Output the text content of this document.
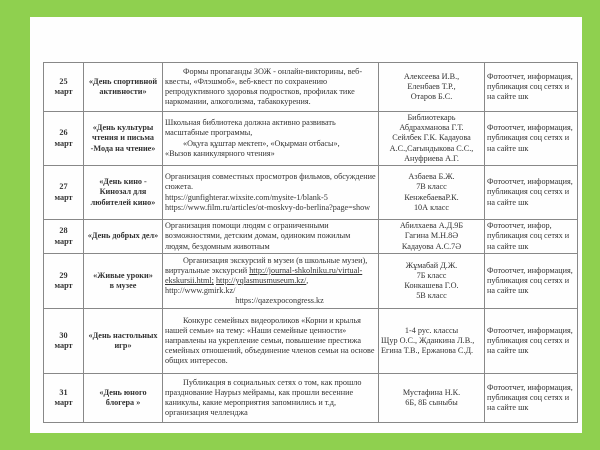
25
март	«День спортивной активности»	Формы пропаганды ЗОЖ - онлайн-викторины, веб-квесты, «Флэшмоб», веб-квест по сохранению репродуктивного здоровья подростков, профилак тике наркомании, алкоголизма, табакокурения.	Алексеева И.В.,
Еленбаев Т.Р.,
Отаров Б.С.	Фотоотчет, информация, публикация соц сетях и на сайте шк

26
март	«День культуры чтения и письма -Мода на чтение»	Школьная библиотека должна активно развивать масштабные программы,
«Оқуға құштар мектеп», «Оқырман отбасы»,
«Вызов каникулярного чтения»	Библиотекарь
Абдрахманова Г.Т.
Сейлбек Г.К. Кадауова
А.С.,Сағындыкова С.С.,
Ануфриева А.Г.	Фотоотчет, информация, публикация соц сетях и на сайте шк

27
март	«День кино - Кинозал для любителей кино»	Организация совместных просмотров фильмов, обсуждение сюжета.
https://gunfighterar.wixsite.com/mysite-1/blank-5
https://www.film.ru/articles/ot-moskvy-do-berlina?page=show	Азбаева Б.Ж.
7В класс
КенжебаеваР.К.
10А класс	Фотоотчет, информация, публикация соц сетях и на сайте шк

28
март	«День добрых дел»	Организация помощи людям с ограниченными возможностями, детским домам, одиноким пожилым людям, бездомным животным	Абилхаева А.Д.9Б
Гагина М.Н.8Ә
Кадауова А.С.7Ә	Фотоотчет, инфор, публикация соц сетях и на сайте шк

29
март	«Живые уроки»
в музее	Организация экскурсий в музеи (в школьные музеи), виртуальные экскурсий http://journal-shkolniku.ru/virtual-ekskursii.html; http://yqlasmusmuseum.kz/, http://www.gmirk.kz/
https://qazexpocongress.kz	Жұмабай Д.Ж.
7Б класс
Конкашева Г.О.
5В класс	Фотоотчет, информация, публикация соц сетях и на сайте шк

30
март	«День настольных игр»	Конкурс семейных видеороликов «Корни и крылья нашей семьи» на тему: «Наши семейные ценности» направлены на укрепление семьи, повышение престижа семейных отношений, объединение членов семьи на основе общих интересов.	1-4 рус. классы
Щур О.С., Жданкина Л.В., Егина Т.В., Ержанова С.Д.	Фотоотчет, информация, публикация соц сетях и на сайте шк

31
март	«День юного блогера »	Публикация в социальных сетях о том, как прошло празднование Наурыз мейрамы, как прошли весенние каникулы, какие мероприятия запомнились и т.д, организация челленджа	Мустафина Н.К.
6Б, 8Б сыныбы	Фотоотчет, информация, публикация соц сетях и на сайте шк
